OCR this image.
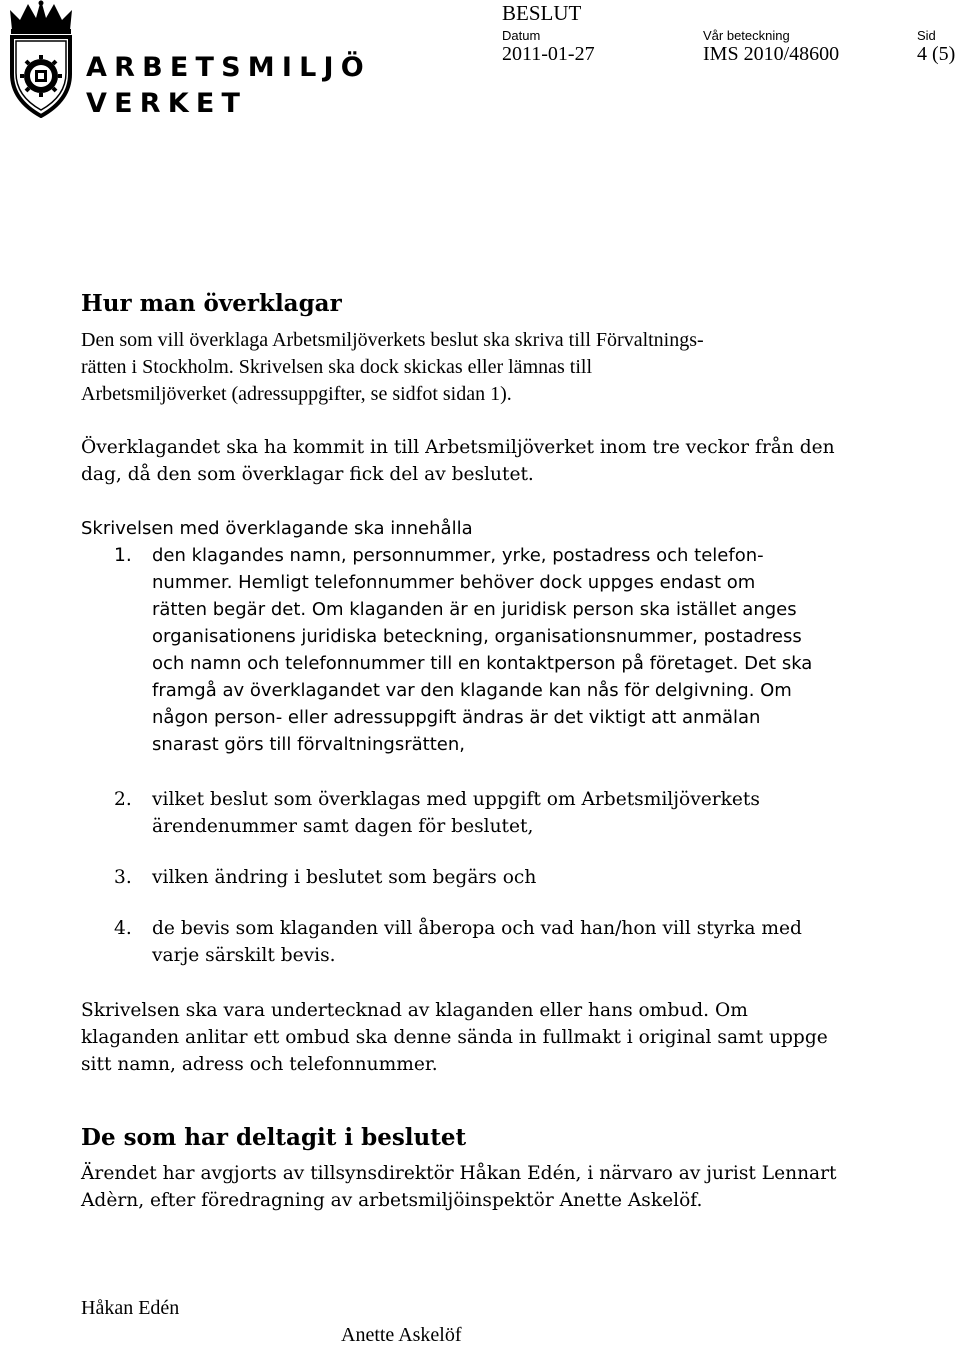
ARBETSMILJÖ
VERKET
BESLUT
Datum	Vår beteckning	Sid
2011-01-27	IMS 2010/48600	4 (5)
Hur man överklagar

Den som vill överklaga Arbetsmiljöverkets beslut ska skriva till Förvaltnings-
rätten i Stockholm. Skrivelsen ska dock skickas eller lämnas till
Arbetsmiljöverket (adressuppgifter, se sidfot sidan 1).

Överklagandet ska ha kommit in till Arbetsmiljöverket inom tre veckor från den
dag, då den som överklagar fick del av beslutet.

Skrivelsen med överklagande ska innehålla

1. den klagandes namn, personnummer, yrke, postadress och telefon-
nummer. Hemligt telefonnummer behöver dock uppges endast om
rätten begär det. Om klaganden är en juridisk person ska istället anges
organisationens juridiska beteckning, organisationsnummer, postadress
och namn och telefonnummer till en kontaktperson på företaget. Det ska
framgå av överklagandet var den klagande kan nås för delgivning. Om
någon person- eller adressuppgift ändras är det viktigt att anmälan
snarast görs till förvaltningsrätten,

2. vilket beslut som överklagas med uppgift om Arbetsmiljöverkets
ärendenummer samt dagen för beslutet,

3. vilken ändring i beslutet som begärs och

4. de bevis som klaganden vill åberopa och vad han/hon vill styrka med
varje särskilt bevis.

Skrivelsen ska vara undertecknad av klaganden eller hans ombud. Om
klaganden anlitar ett ombud ska denne sända in fullmakt i original samt uppge
sitt namn, adress och telefonnummer.

De som har deltagit i beslutet

Ärendet har avgjorts av tillsynsdirektör Håkan Edén, i närvaro av jurist Lennart
Adèrn, efter föredragning av arbetsmiljöinspektör Anette Askelöf.

Håkan Edén
Anette Askelöf
